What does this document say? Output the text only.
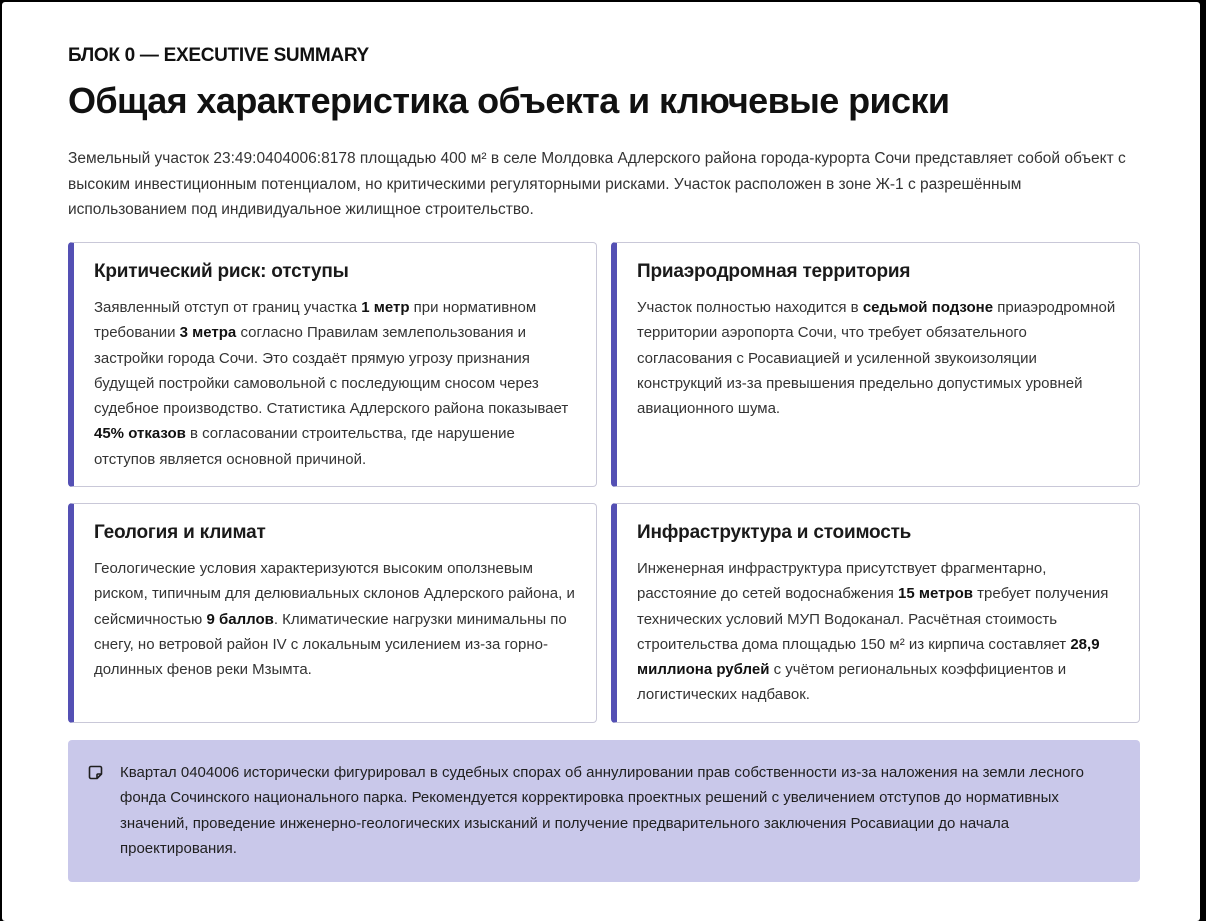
БЛОК 0 — EXECUTIVE SUMMARY
Общая характеристика объекта и ключевые риски

Земельный участок 23:49:0404006:8178 площадью 400 м² в селе Молдовка Адлерского района города-курорта Сочи представляет собой объект с высоким инвестиционным потенциалом, но критическими регуляторными рисками. Участок расположен в зоне Ж-1 с разрешённым использованием под индивидуальное жилищное строительство.

Критический риск: отступы

Заявленный отступ от границ участка 1 метр при нормативном требовании 3 метра согласно Правилам землепользования и застройки города Сочи. Это создаёт прямую угрозу признания будущей постройки самовольной с последующим сносом через судебное производство. Статистика Адлерского района показывает 45% отказов в согласовании строительства, где нарушение отступов является основной причиной.

Приаэродромная территория

Участок полностью находится в седьмой подзоне приаэродромной территории аэропорта Сочи, что требует обязательного согласования с Росавиацией и усиленной звукоизоляции конструкций из-за превышения предельно допустимых уровней авиационного шума.

Геология и климат

Геологические условия характеризуются высоким оползневым риском, типичным для делювиальных склонов Адлерского района, и сейсмичностью 9 баллов. Климатические нагрузки минимальны по снегу, но ветровой район IV с локальным усилением из-за горно-долинных фенов реки Мзымта.

Инфраструктура и стоимость

Инженерная инфраструктура присутствует фрагментарно, расстояние до сетей водоснабжения 15 метров требует получения технических условий МУП Водоканал. Расчётная стоимость строительства дома площадью 150 м² из кирпича составляет 28,9 миллиона рублей с учётом региональных коэффициентов и логистических надбавок.

Квартал 0404006 исторически фигурировал в судебных спорах об аннулировании прав собственности из-за наложения на земли лесного фонда Сочинского национального парка. Рекомендуется корректировка проектных решений с увеличением отступов до нормативных значений, проведение инженерно-геологических изысканий и получение предварительного заключения Росавиации до начала проектирования.
